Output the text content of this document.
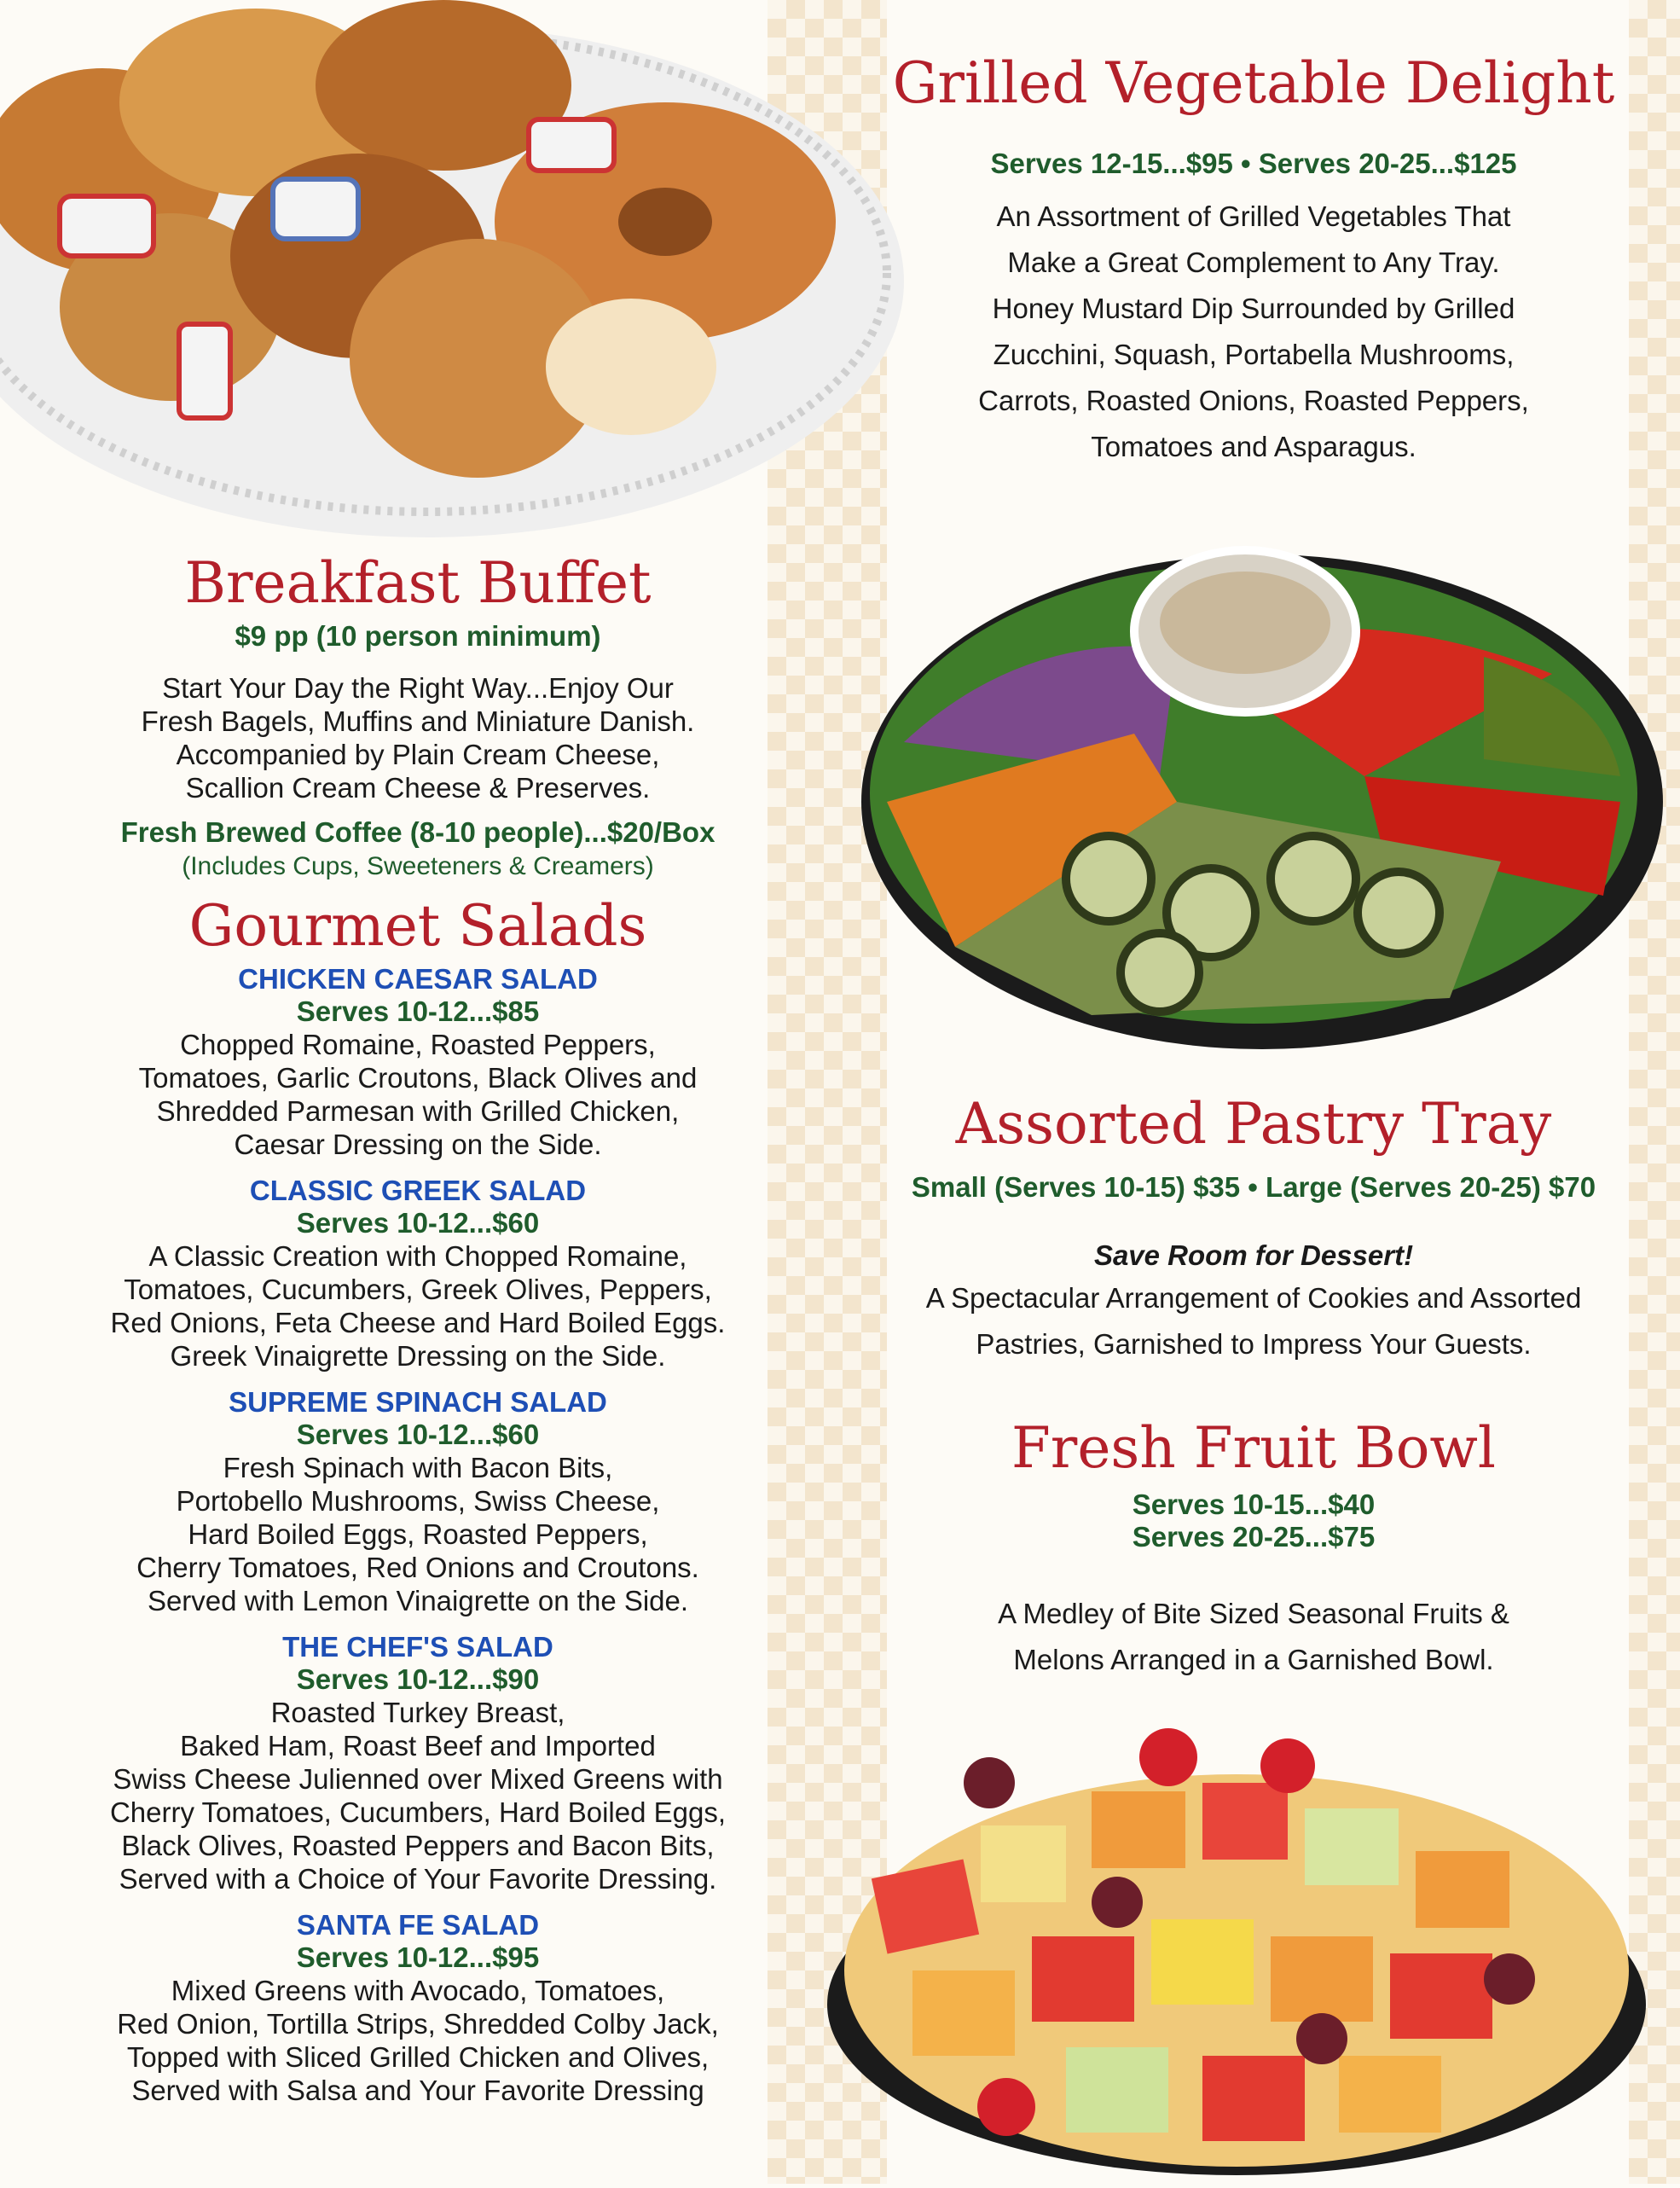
Breakfast Buffet
$9 pp (10 person minimum)
Start Your Day the Right Way...Enjoy Our
Fresh Bagels, Muffins and Miniature Danish.
Accompanied by Plain Cream Cheese,
Scallion Cream Cheese & Preserves.
Fresh Brewed Coffee (8-10 people)...$20/Box
(Includes Cups, Sweeteners & Creamers)
Gourmet Salads
CHICKEN CAESAR SALAD
Serves 10-12...$85
Chopped Romaine, Roasted Peppers,
Tomatoes, Garlic Croutons, Black Olives and
Shredded Parmesan with Grilled Chicken,
Caesar Dressing on the Side.
CLASSIC GREEK SALAD
Serves 10-12...$60
A Classic Creation with Chopped Romaine,
Tomatoes, Cucumbers, Greek Olives, Peppers,
Red Onions, Feta Cheese and Hard Boiled Eggs.
Greek Vinaigrette Dressing on the Side.
SUPREME SPINACH SALAD
Serves 10-12...$60
Fresh Spinach with Bacon Bits,
Portobello Mushrooms, Swiss Cheese,
Hard Boiled Eggs, Roasted Peppers,
Cherry Tomatoes, Red Onions and Croutons.
Served with Lemon Vinaigrette on the Side.
THE CHEF'S SALAD
Serves 10-12...$90
Roasted Turkey Breast,
Baked Ham, Roast Beef and Imported
Swiss Cheese Julienned over Mixed Greens with
Cherry Tomatoes, Cucumbers, Hard Boiled Eggs,
Black Olives, Roasted Peppers and Bacon Bits,
Served with a Choice of Your Favorite Dressing.
SANTA FE SALAD
Serves 10-12...$95
Mixed Greens with Avocado, Tomatoes,
Red Onion, Tortilla Strips, Shredded Colby Jack,
Topped with Sliced Grilled Chicken and Olives,
Served with Salsa and Your Favorite Dressing
Grilled Vegetable Delight
Serves 12-15...$95 • Serves 20-25...$125
An Assortment of Grilled Vegetables That
Make a Great Complement to Any Tray.
Honey Mustard Dip Surrounded by Grilled
Zucchini, Squash, Portabella Mushrooms,
Carrots, Roasted Onions, Roasted Peppers,
Tomatoes and Asparagus.
Assorted Pastry Tray
Small (Serves 10-15) $35 • Large (Serves 20-25) $70
Save Room for Dessert!
A Spectacular Arrangement of Cookies and Assorted
Pastries, Garnished to Impress Your Guests.
Fresh Fruit Bowl
Serves 10-15...$40
Serves 20-25...$75
A Medley of Bite Sized Seasonal Fruits &
Melons Arranged in a Garnished Bowl.
